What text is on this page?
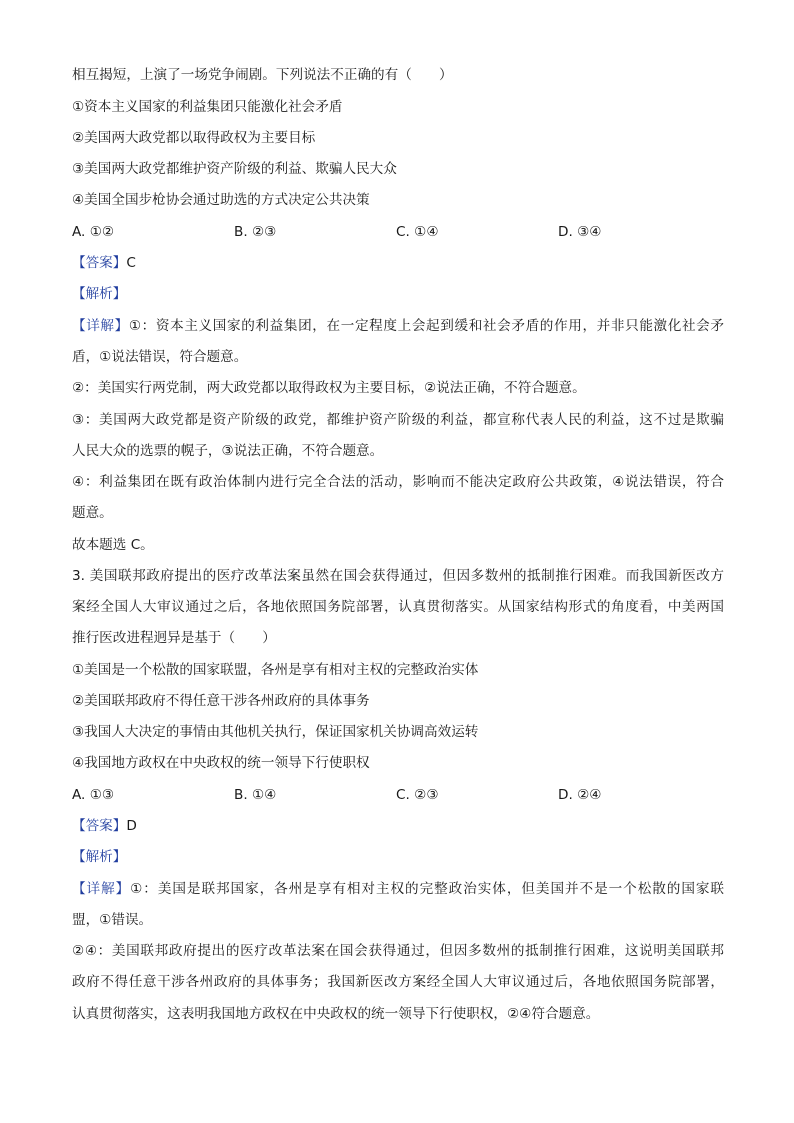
相互揭短，上演了一场党争闹剧。下列说法不正确的有（　　）
①资本主义国家的利益集团只能激化社会矛盾
②美国两大政党都以取得政权为主要目标
③美国两大政党都维护资产阶级的利益、欺骗人民大众
④美国全国步枪协会通过助选的方式决定公共决策
A. ①②	B. ②③	C. ①④	D. ③④
【答案】C
【解析】
【详解】①：资本主义国家的利益集团，在一定程度上会起到缓和社会矛盾的作用，并非只能激化社会矛
盾，①说法错误，符合题意。
②：美国实行两党制，两大政党都以取得政权为主要目标，②说法正确，不符合题意。
③：美国两大政党都是资产阶级的政党，都维护资产阶级的利益，都宣称代表人民的利益，这不过是欺骗
人民大众的选票的幌子，③说法正确，不符合题意。
④：利益集团在既有政治体制内进行完全合法的活动，影响而不能决定政府公共政策，④说法错误，符合
题意。
故本题选 C。
3. 美国联邦政府提出的医疗改革法案虽然在国会获得通过，但因多数州的抵制推行困难。而我国新医改方
案经全国人大审议通过之后，各地依照国务院部署，认真贯彻落实。从国家结构形式的角度看，中美两国
推行医改进程迥异是基于（　　）
①美国是一个松散的国家联盟，各州是享有相对主权的完整政治实体
②美国联邦政府不得任意干涉各州政府的具体事务
③我国人大决定的事情由其他机关执行，保证国家机关协调高效运转
④我国地方政权在中央政权的统一领导下行使职权
A. ①③	B. ①④	C. ②③	D. ②④
【答案】D
【解析】
【详解】①：美国是联邦国家，各州是享有相对主权的完整政治实体，但美国并不是一个松散的国家联
盟，①错误。
②④：美国联邦政府提出的医疗改革法案在国会获得通过，但因多数州的抵制推行困难，这说明美国联邦
政府不得任意干涉各州政府的具体事务；我国新医改方案经全国人大审议通过后，各地依照国务院部署，
认真贯彻落实，这表明我国地方政权在中央政权的统一领导下行使职权，②④符合题意。
